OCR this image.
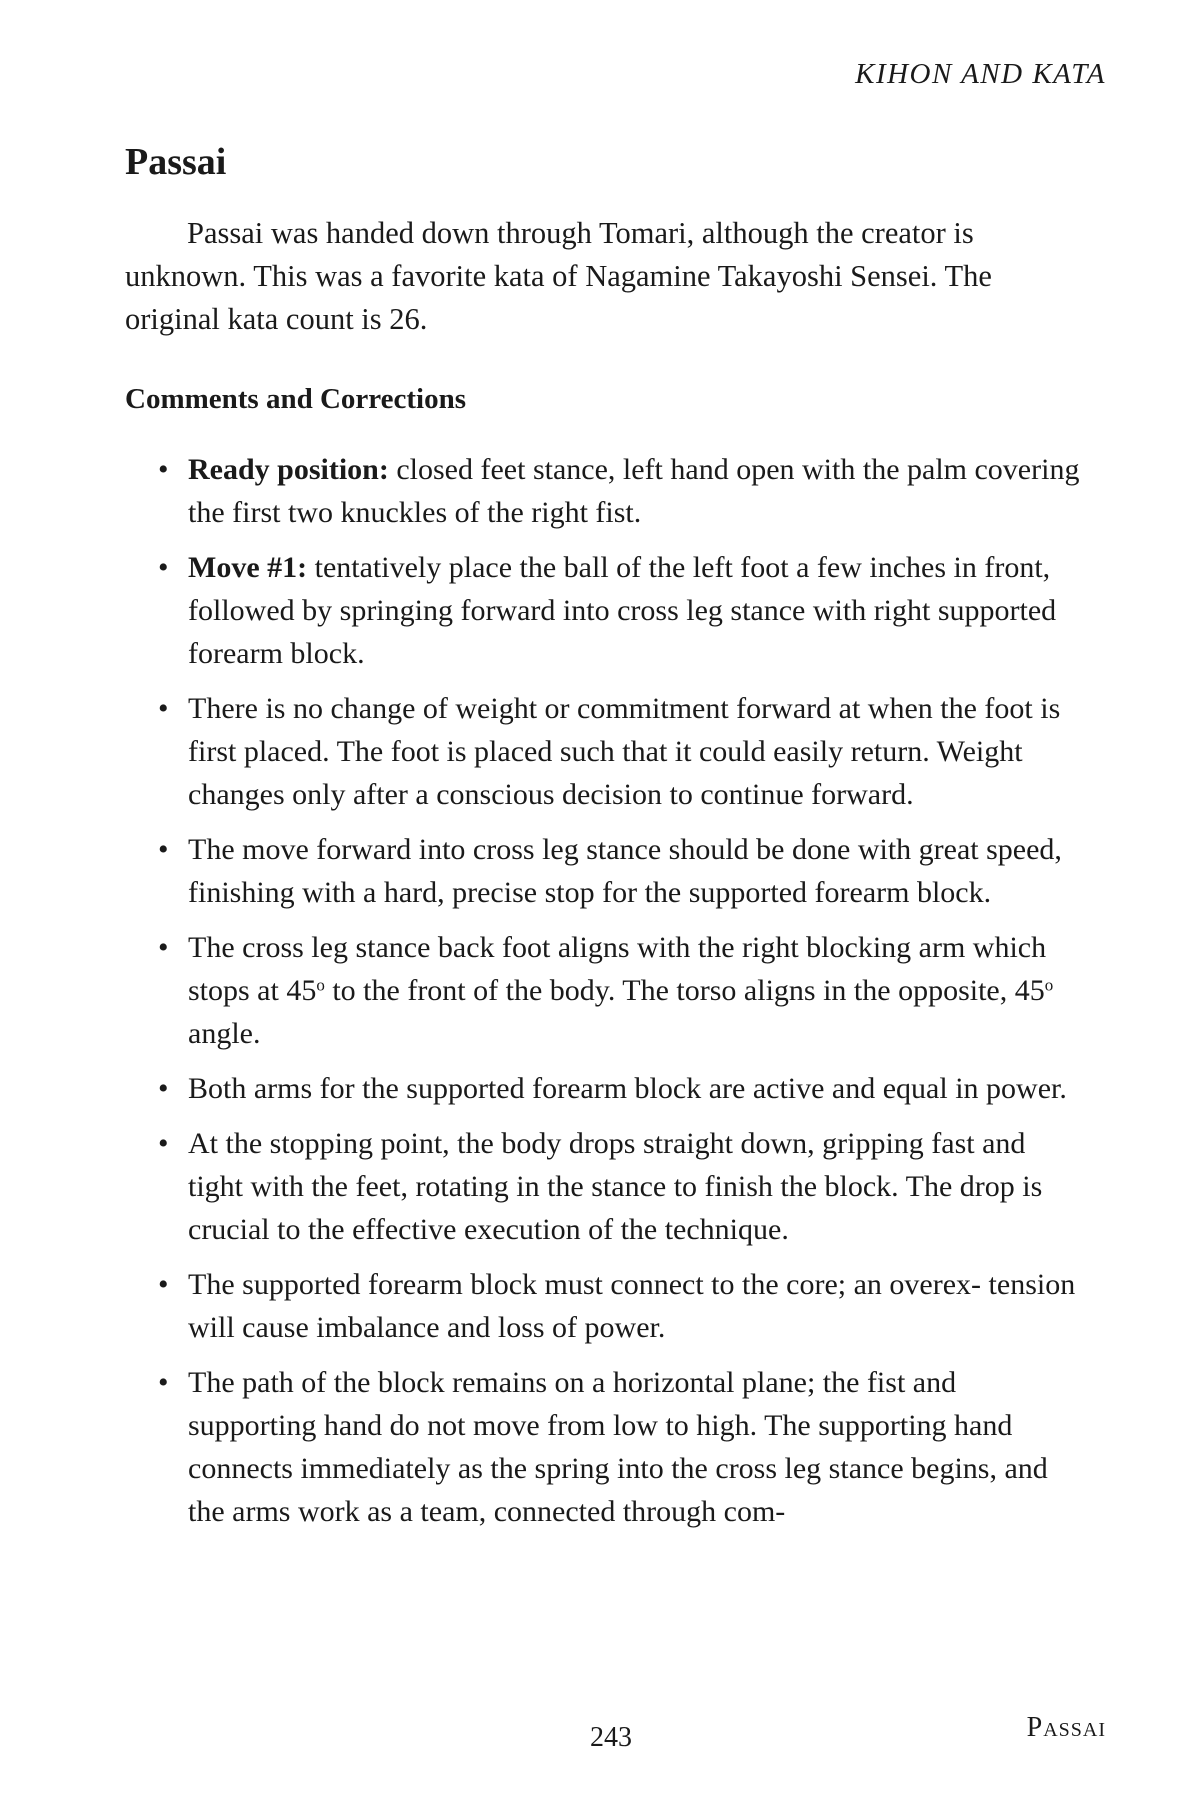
KIHON AND KATA
Passai

Passai was handed down through Tomari, although the creator is unknown. This was a favorite kata of Nagamine Takayoshi Sensei. The original kata count is 26.

Comments and Corrections
• Ready position: closed feet stance, left hand open with the palm covering the first two knuckles of the right fist.
• Move #1: tentatively place the ball of the left foot a few inches in front, followed by springing forward into cross leg stance with right supported forearm block.
• There is no change of weight or commitment forward at when the foot is first placed. The foot is placed such that it could easily return. Weight changes only after a conscious decision to continue forward.
• The move forward into cross leg stance should be done with great speed, finishing with a hard, precise stop for the supported forearm block.
• The cross leg stance back foot aligns with the right blocking arm which stops at 45$^o$ to the front of the body. The torso aligns in the opposite, 45$^o$ angle.
• Both arms for the supported forearm block are active and equal in power.
• At the stopping point, the body drops straight down, gripping fast and tight with the feet, rotating in the stance to finish the block. The drop is crucial to the effective execution of the technique.
• The supported forearm block must connect to the core; an overex- tension will cause imbalance and loss of power.
• The path of the block remains on a horizontal plane; the fist and supporting hand do not move from low to high. The supporting hand connects immediately as the spring into the cross leg stance begins, and the arms work as a team, connected through com-
243	Passai
